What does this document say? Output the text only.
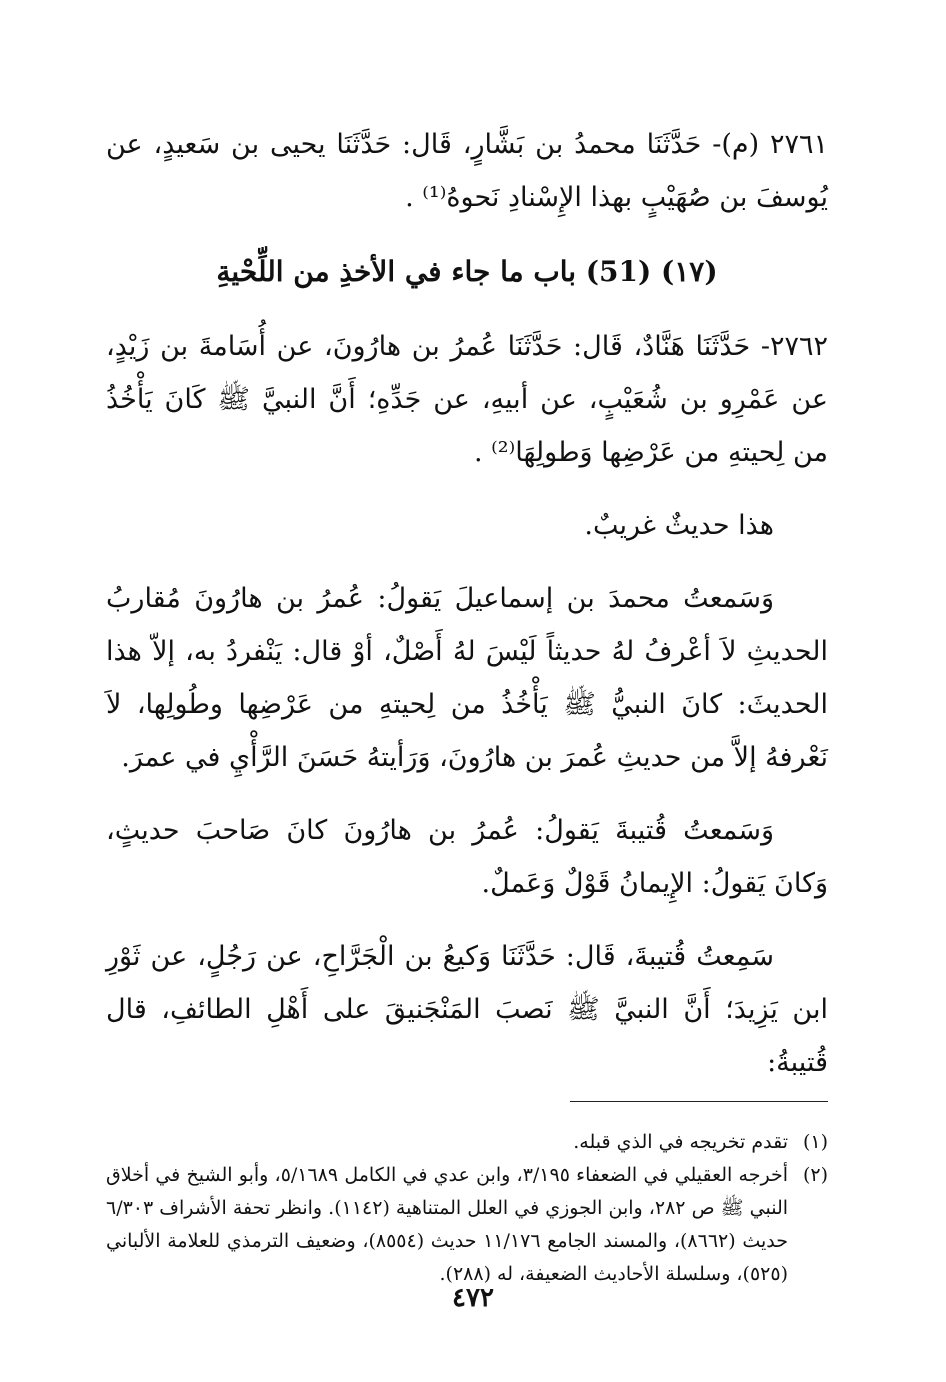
٢٧٦١ (م)- حَدَّثَنَا محمدُ بن بَشَّارٍ، قَال: حَدَّثَنَا يحيى بن سَعيدٍ، عن يُوسفَ بن صُهَيْبٍ بهذا الإِسْنادِ نَحوهُ⁽¹⁾ .

(١٧) (51) باب ما جاء في الأخذِ من اللِّحْيةِ

٢٧٦٢- حَدَّثَنَا هَنَّادٌ، قَال: حَدَّثَنَا عُمرُ بن هارُونَ، عن أُسَامةَ بن زَيْدٍ، عن عَمْرِو بن شُعَيْبٍ، عن أبيهِ، عن جَدِّهِ؛ أَنَّ النبيَّ ﷺ كَانَ يَأْخُذُ من لِحيتهِ من عَرْضِها وَطولِهَا⁽²⁾ .

هذا حديثٌ غريبٌ.

وَسَمعتُ محمدَ بن إسماعيلَ يَقولُ: عُمرُ بن هارُونَ مُقاربُ الحديثِ لاَ أعْرفُ لهُ حديثاً لَيْسَ لهُ أَصْلٌ، أوْ قال: يَنْفردُ به، إلاّ هذا الحديثَ: كانَ النبيُّ ﷺ يَأْخُذُ من لِحيتهِ من عَرْضِها وطُولِها، لاَ نَعْرفهُ إلاَّ من حديثِ عُمرَ بن هارُونَ، وَرَأيتهُ حَسَنَ الرَّأْيِ في عمرَ.

وَسَمعتُ قُتيبةَ يَقولُ: عُمرُ بن هارُونَ كانَ صَاحبَ حديثٍ، وَكانَ يَقولُ: الإِيمانُ قَوْلٌ وَعَملٌ.

سَمِعتُ قُتيبةَ، قَال: حَدَّثَنَا وَكيعُ بن الْجَرَّاحِ، عن رَجُلٍ، عن ثَوْرِ ابن يَزِيدَ؛ أَنَّ النبيَّ ﷺ نَصبَ المَنْجَنيقَ على أَهْلِ الطائفِ، قال قُتيبةُ:

(١)
تقدم تخريجه في الذي قبله.
(٢)
أخرجه العقيلي في الضعفاء ٣/١٩٥، وابن عدي في الكامل ٥/١٦٨٩، وأبو الشيخ في أخلاق النبي ﷺ ص ٢٨٢، وابن الجوزي في العلل المتناهية (١١٤٢). وانظر تحفة الأشراف ٦/٣٠٣ حديث (٨٦٦٢)، والمسند الجامع ١١/١٧٦ حديث (٨٥٥٤)، وضعيف الترمذي للعلامة الألباني (٥٢٥)، وسلسلة الأحاديث الضعيفة، له (٢٨٨).
٤٧٢
